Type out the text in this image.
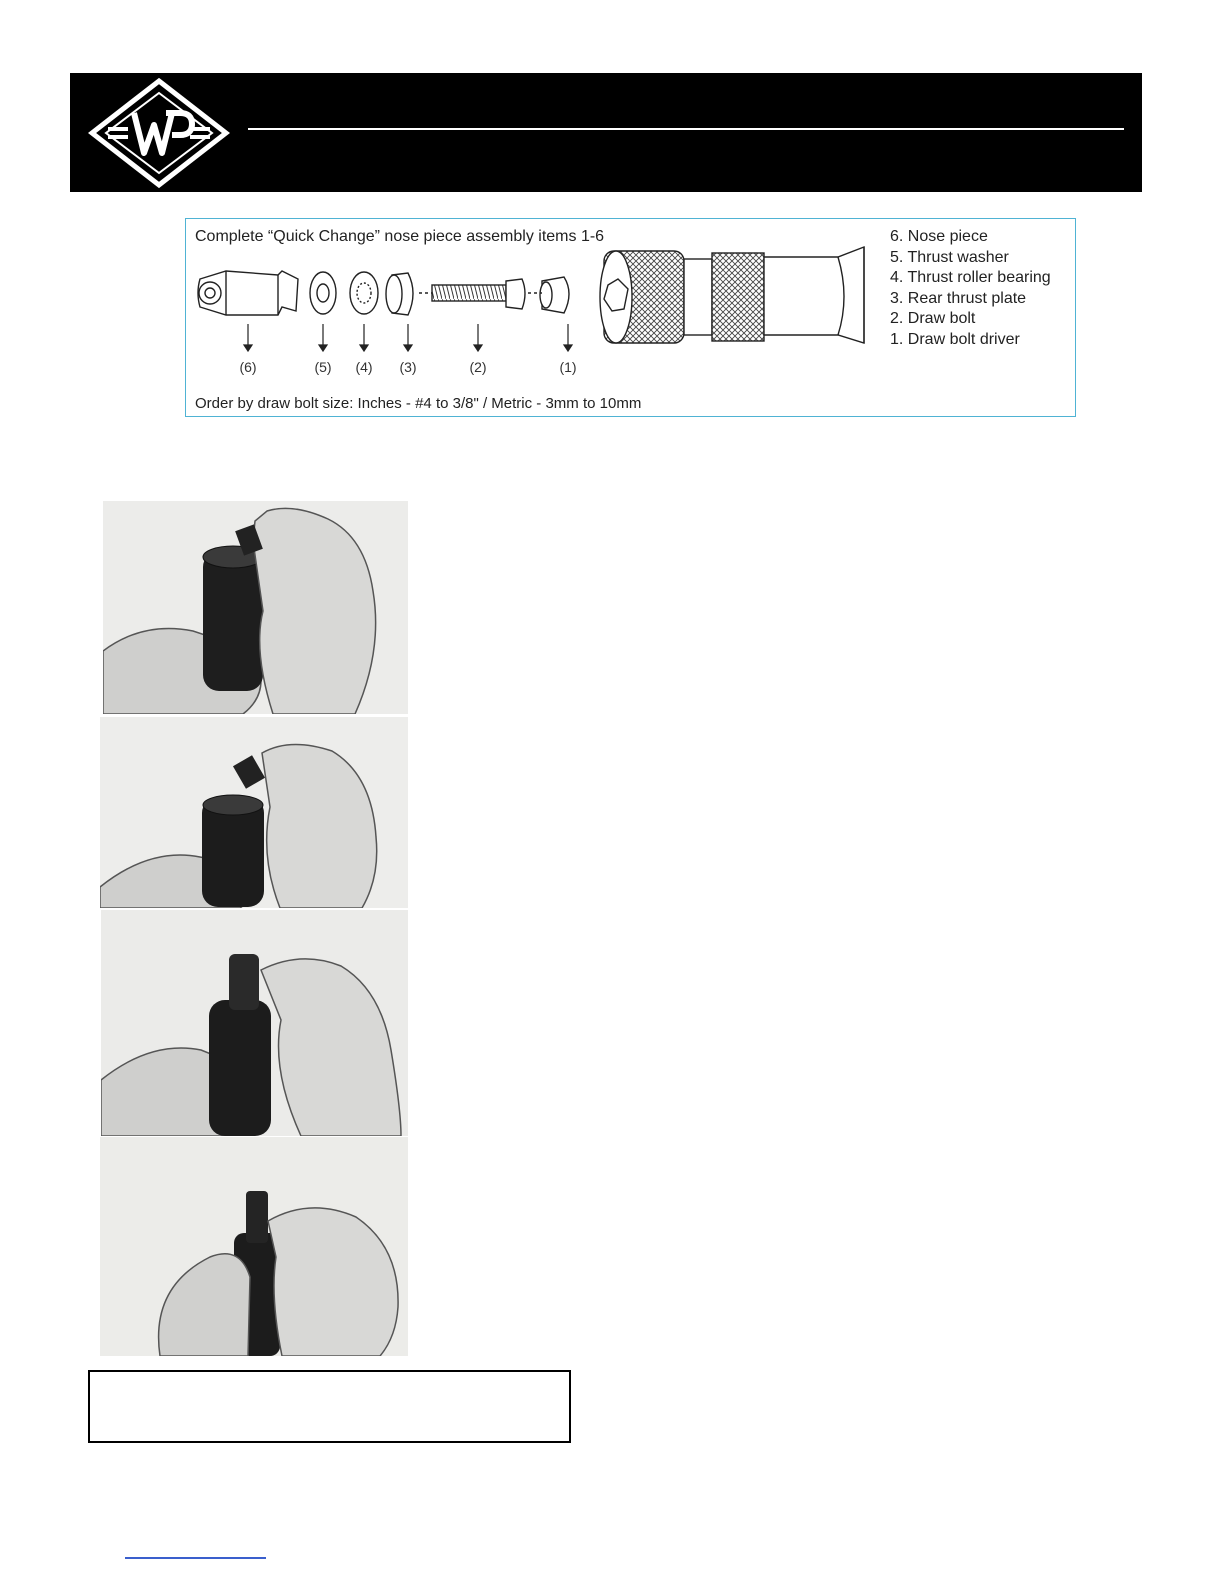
Complete “Quick Change” nose piece assembly items 1-6
(6)	(5) (4) (3)	(2)	(1)
6. Nose piece
5. Thrust washer
4. Thrust roller bearing
3. Rear thrust plate
2. Draw bolt
1. Draw bolt driver
Order by draw bolt size: Inches - #4 to 3/8" / Metric - 3mm to 10mm
